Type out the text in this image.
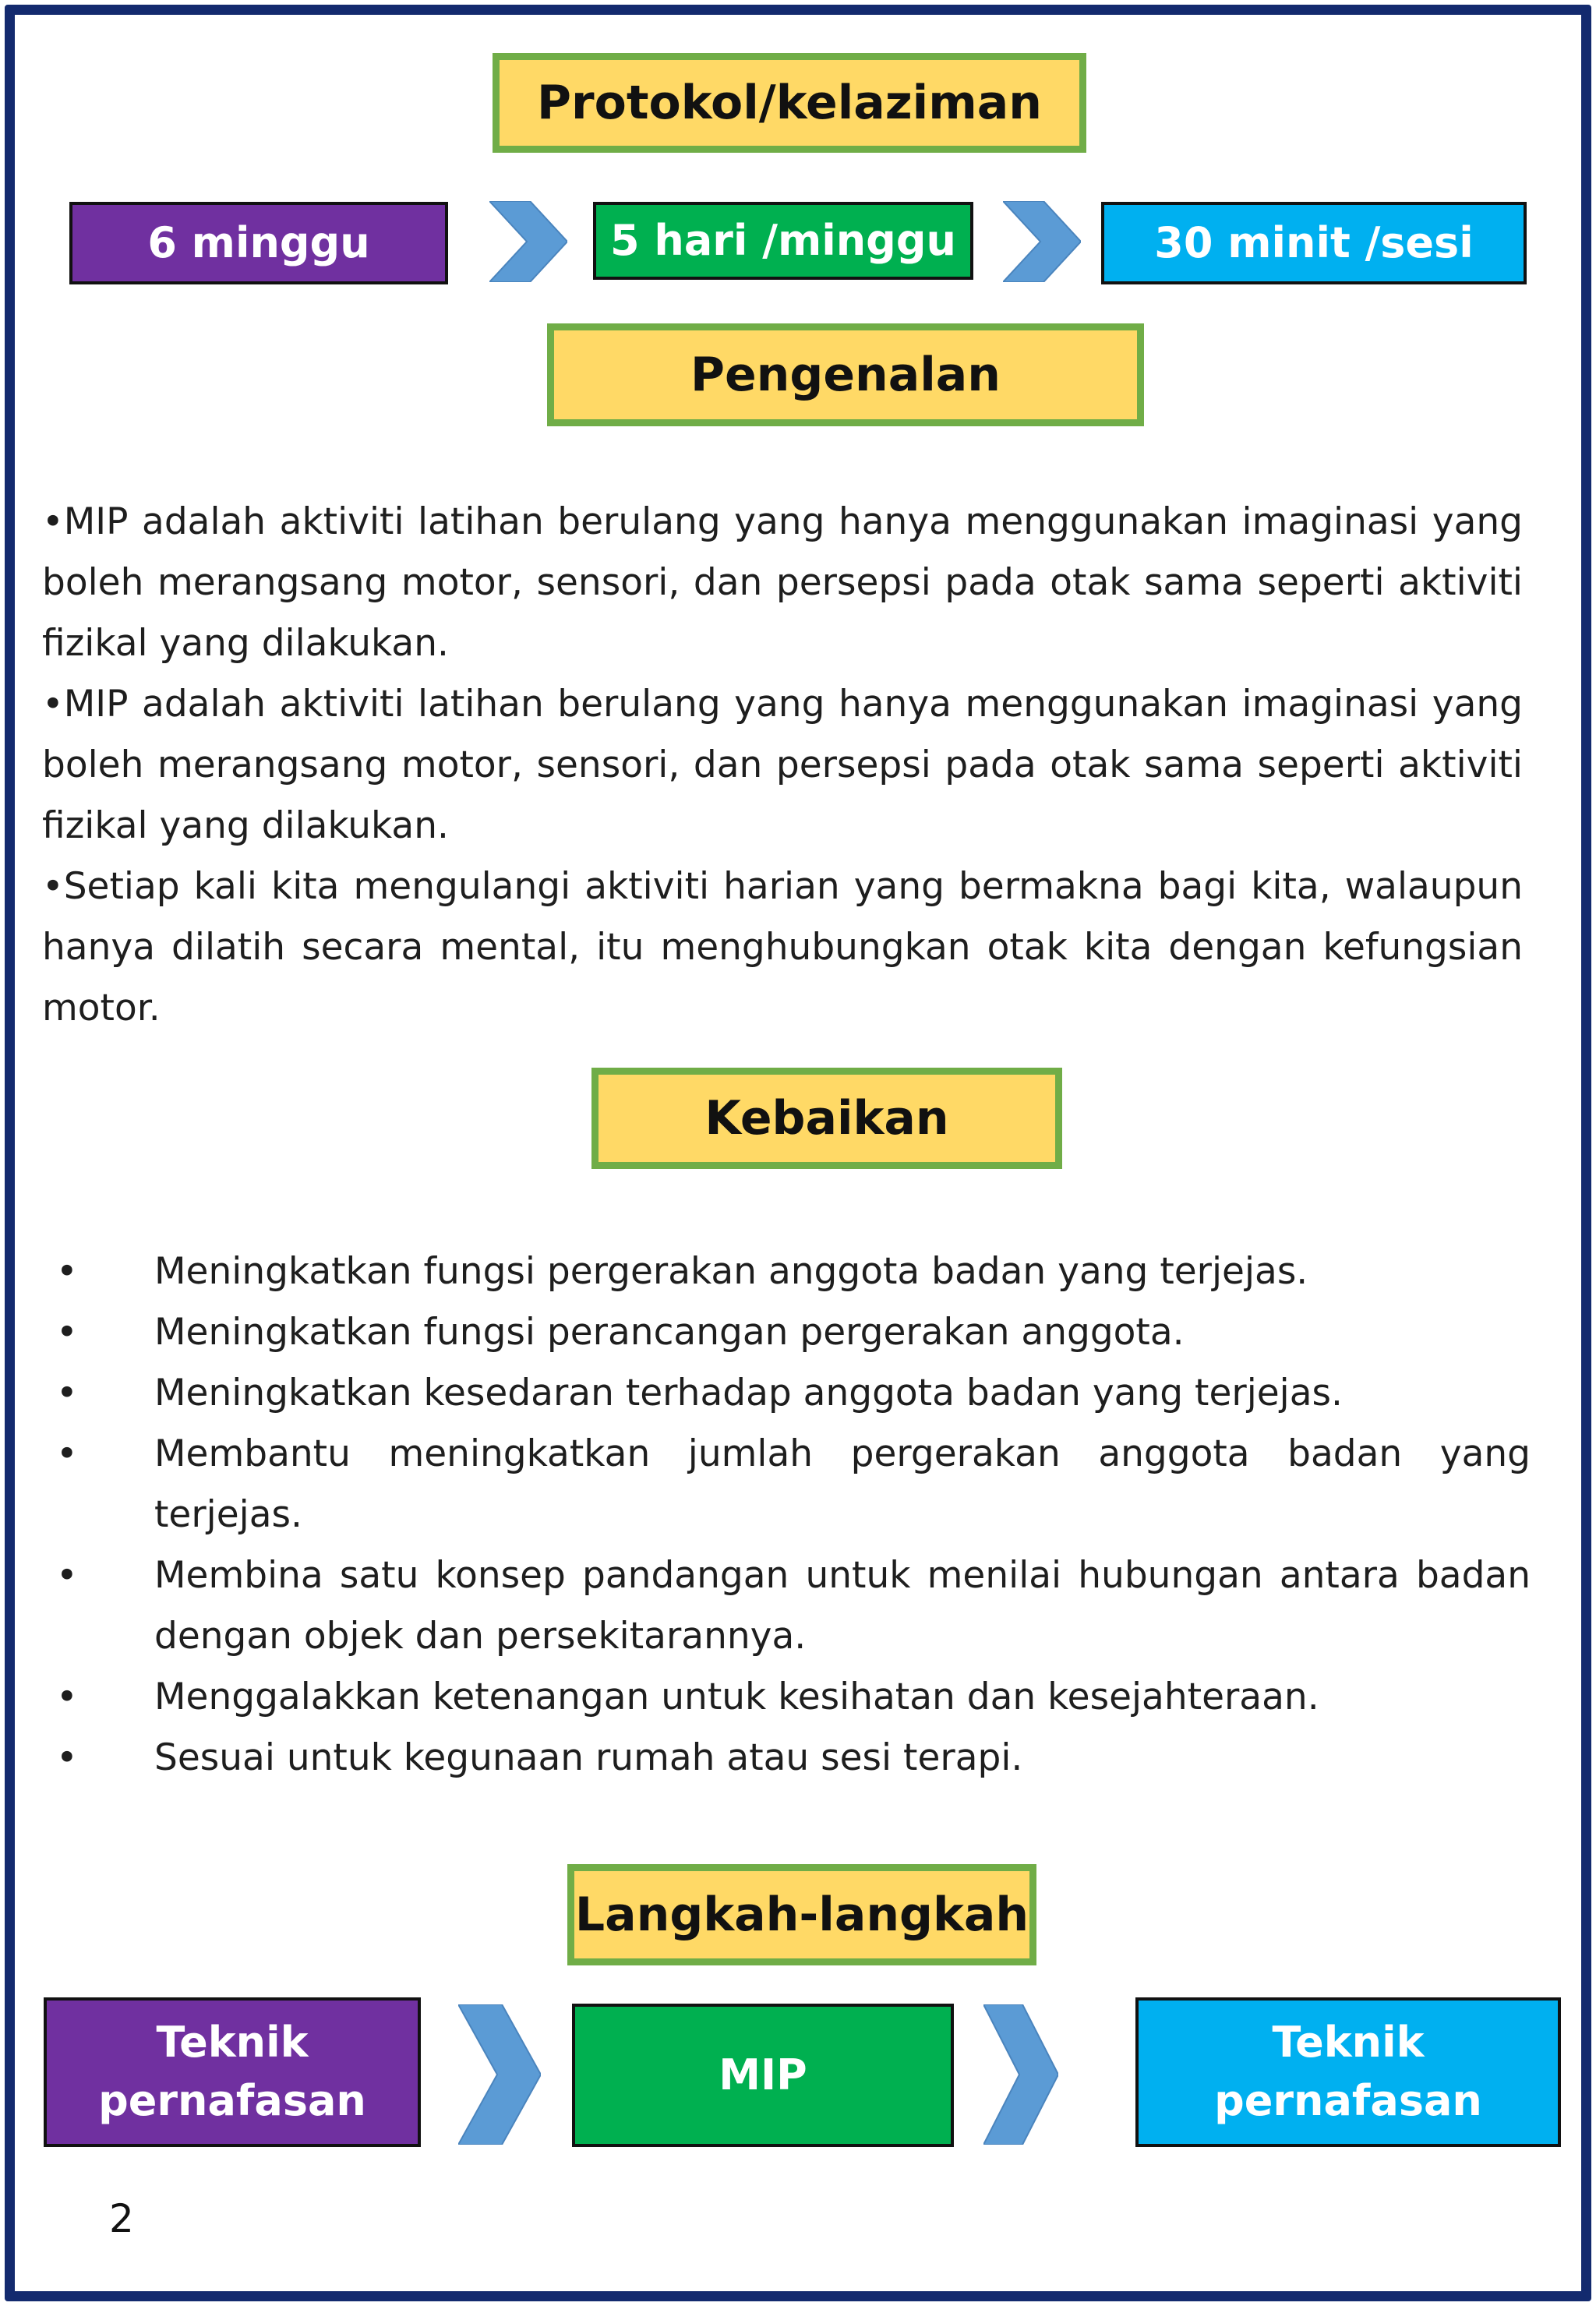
Protokol/kelaziman
6 minggu	5 hari /minggu	30 minit /sesi
Pengenalan

•MIP adalah aktiviti latihan berulang yang hanya menggunakan imaginasi yang boleh merangsang motor, sensori, dan persepsi pada otak sama seperti aktiviti fizikal yang dilakukan.

•MIP adalah aktiviti latihan berulang yang hanya menggunakan imaginasi yang boleh merangsang motor, sensori, dan persepsi pada otak sama seperti aktiviti fizikal yang dilakukan.

•Setiap kali kita mengulangi aktiviti harian yang bermakna bagi kita, walaupun hanya dilatih secara mental, itu menghubungkan otak kita dengan kefungsian motor.

Kebaikan
• Meningkatkan fungsi pergerakan anggota badan yang terjejas.
• Meningkatkan fungsi perancangan pergerakan anggota.
• Meningkatkan kesedaran terhadap anggota badan yang terjejas.
• Membantu meningkatkan jumlah pergerakan anggota badan yang terjejas.
• Membina satu konsep pandangan untuk menilai hubungan antara badan dengan objek dan persekitarannya.
• Menggalakkan ketenangan untuk kesihatan dan kesejahteraan.
• Sesuai untuk kegunaan rumah atau sesi terapi.
Langkah-langkah
Teknik
pernafasan
MIP
Teknik
pernafasan
2
